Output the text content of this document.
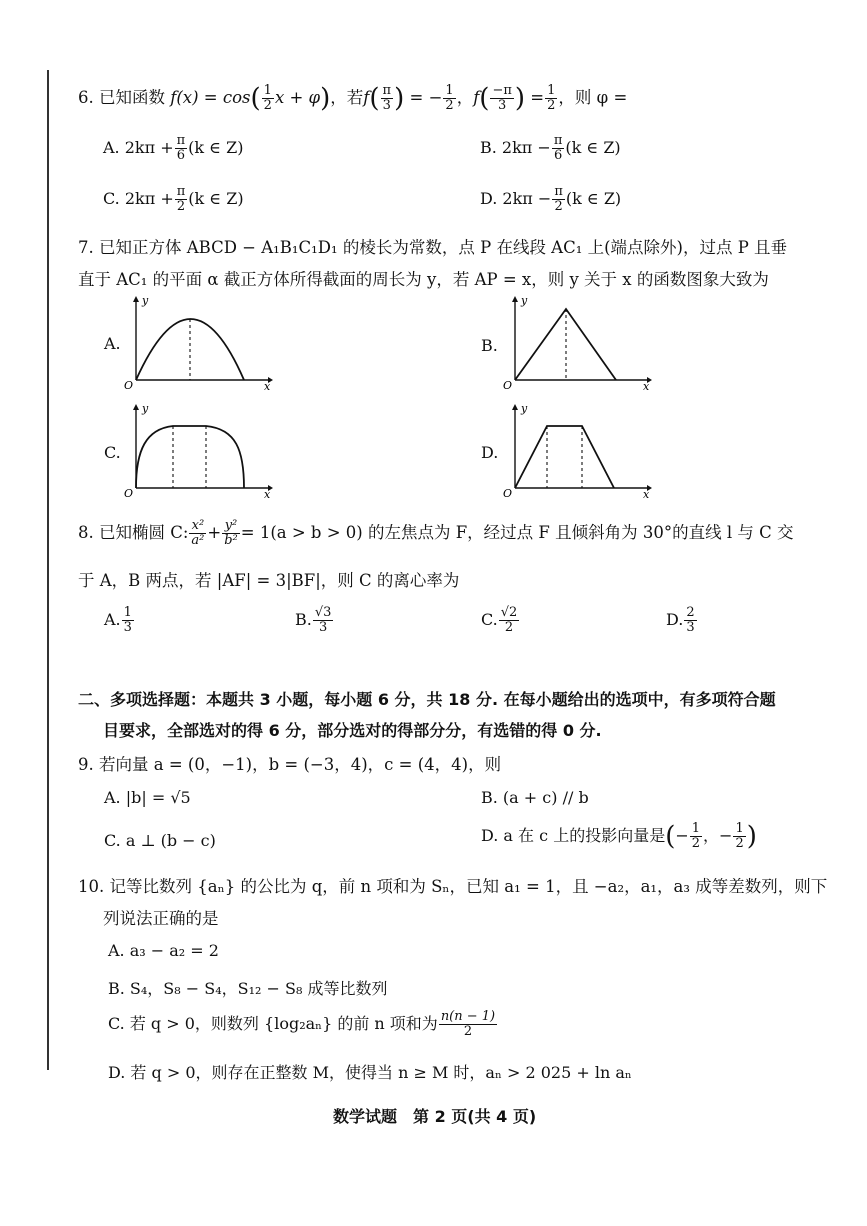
6. 已知函数 $f(x) = \cos( \frac{1}{2}$ x + φ)，若$f( \frac{\pi}{3}$ ) = − $\frac{1}{2}$ ，$f( \frac{-\pi}{3}$ ) = $\frac{1}{2}$ ，则 φ =
A. $2k\pi + \frac{\pi}{6} (k$ ∈ Z)	B. $2k\pi - \frac{\pi}{6} (k$ ∈ Z)
C. $2k\pi + \frac{\pi}{2} (k$ ∈ Z)	D. $2k\pi - \frac{\pi}{2} (k$ ∈ Z)
7. 已知正方体 ABCD − A₁B₁C₁D₁ 的棱长为常数，点 P 在线段 AC₁ 上(端点除外)，过点 P 且垂
直于 AC₁ 的平面 α 截正方体所得截面的周长为 y，若 AP = x，则 y 关于 x 的函数图象大致为
A.	B.
C.	D.
y
x
O
y
x
O
y
x
O
y
x
O
8. 已知椭圆 C: $\frac{\text{x²}}{\text{a²}} + \frac{\text{y²}}{\text{b²}} = 1(a > b > 0)$ 的左焦点为 F，经过点 F 且倾斜角为 30°的直线 l 与 C 交
于 A，B 两点，若 |AF| = 3|BF|，则 C 的离心率为
A. $\frac{1}{3}$	B. $\frac{√3}{3}$	C. $\frac{√2}{2}$	D. $\frac{2}{3}$
二、多项选择题：本题共 3 小题，每小题 6 分，共 18 分. 在每小题给出的选项中，有多项符合题
目要求，全部选对的得 6 分，部分选对的得部分分，有选错的得 0 分.
9. 若向量 a = (0，−1)，b = (−3，4)，c = (4，4)，则
A. |b| = √5	B. (a + c) // b
C. a ⊥ (b − c)	D. a 在 c 上的投影向量是(− $\frac{1}{2}$ ，− $\frac{1}{2}$ )
10. 记等比数列 {aₙ} 的公比为 q，前 n 项和为 Sₙ，已知 a₁ = 1，且 −a₂，a₁，a₃ 成等差数列，则下
列说法正确的是
A. a₃ − a₂ = 2
B. S₄，S₈ − S₄，S₁₂ − S₈ 成等比数列
C. 若 q > 0，则数列 {log₂aₙ} 的前 n 项和为 $\frac{n(n - 1)}{2}$
D. 若 q > 0，则存在正整数 M，使得当 n ≥ M 时，aₙ > 2 025 + ln aₙ
数学试题　第 2 页(共 4 页)
